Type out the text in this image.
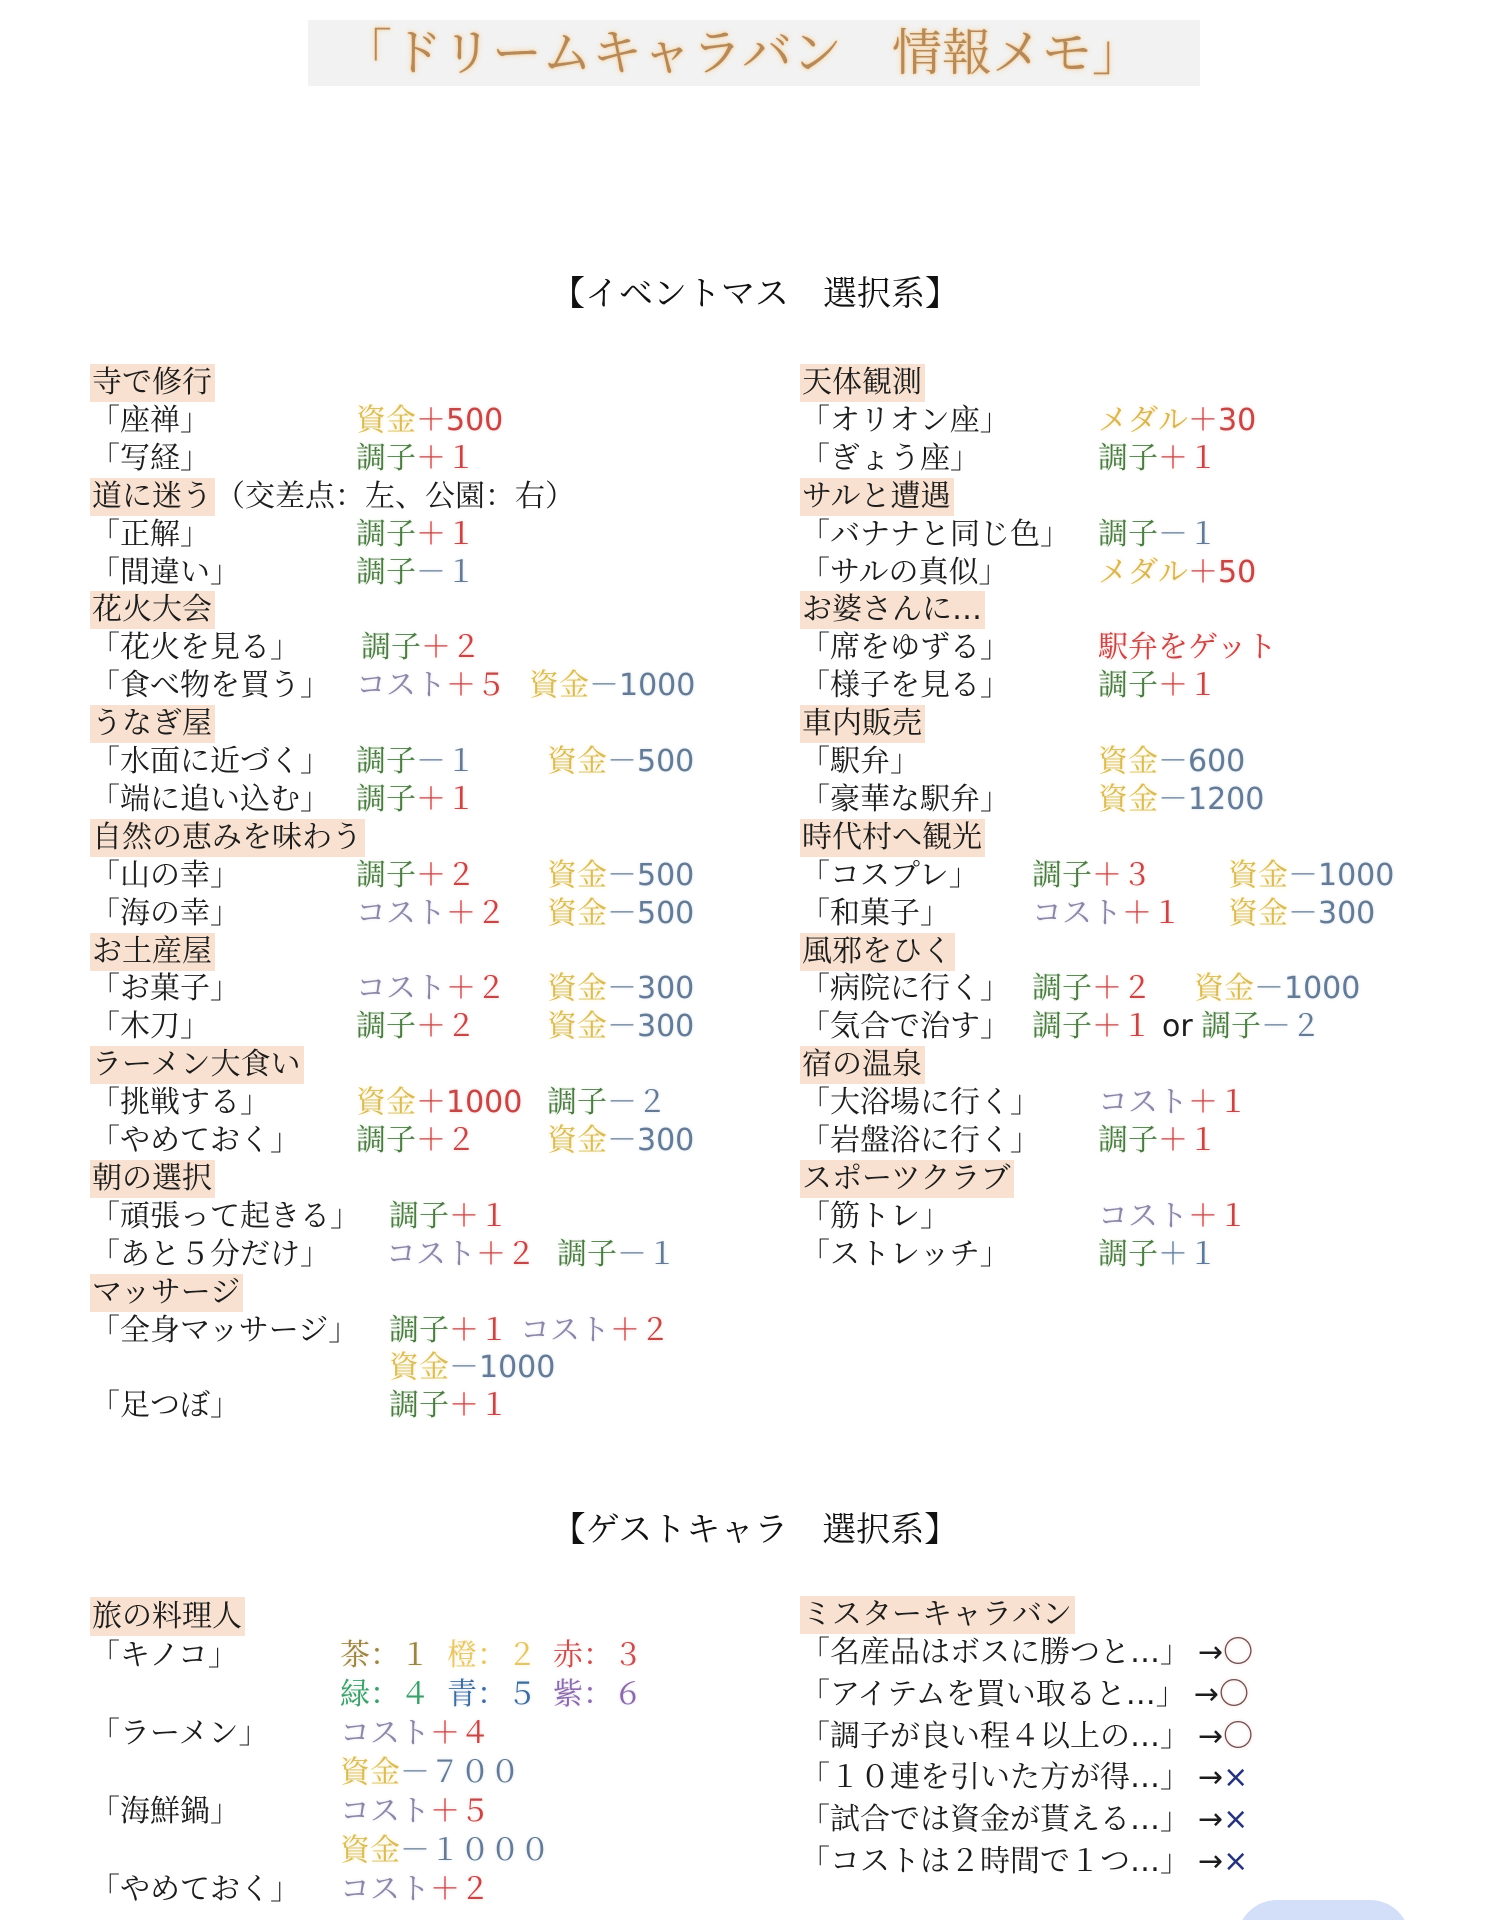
「ドリームキャラバン　情報メモ」
【イベントマス　選択系】
寺で修行
「座禅」	資金＋500
「写経」	調子＋１
道に迷う （交差点：左、公園：右）
「正解」	調子＋１
「間違い」	調子－１
花火大会
「花火を見る」 調子＋２
「食べ物を買う」 コスト＋５ 資金－1000
うなぎ屋
「水面に近づく」 調子－１ 資金－500
「端に追い込む」 調子＋１
自然の恵みを味わう
「山の幸」	調子＋２ 資金－500
「海の幸」	コスト＋２ 資金－500
お土産屋
「お菓子」	コスト＋２ 資金－300
「木刀」	調子＋２ 資金－300
ラーメン大食い
「挑戦する」	資金＋1000 調子－２
「やめておく」 調子＋２ 資金－300
朝の選択
「頑張って起きる」 調子＋１
「あと５分だけ」 コスト＋２ 調子－１
マッサージ
「全身マッサージ」 調子＋１ コスト＋２
資金－1000
「足つぼ」	調子＋１
天体観測
「オリオン座」	メダル＋30
「ぎょう座」	調子＋１
サルと遭遇
「バナナと同じ色」 調子－１
「サルの真似」	メダル＋50
お婆さんに…
「席をゆずる」	駅弁をゲット
「様子を見る」	調子＋１
車内販売
「駅弁」	資金－600
「豪華な駅弁」	資金－1200
時代村へ観光
「コスプレ」 調子＋３	資金－1000
「和菓子」	コスト＋１ 資金－300
風邪をひく
「病院に行く」 調子＋２ 資金－1000
「気合で治す」 調子＋１ or 調子－２
宿の温泉
「大浴場に行く」 コスト＋１
「岩盤浴に行く」 調子＋１
スポーツクラブ
「筋トレ」	コスト＋１
「ストレッチ」	調子＋１
【ゲストキャラ　選択系】
旅の料理人
「キノコ」	茶：１ 橙：２ 赤：３
緑：４ 青：５ 紫：６
「ラーメン」 コスト＋４
資金－７００
「海鮮鍋」	コスト＋５
資金－１０００
「やめておく」 コスト＋２
ミスターキャラバン
「名産品はボスに勝つと…」 →〇
「アイテムを買い取ると…」 →〇
「調子が良い程４以上の…」 →〇
「１０連を引いた方が得…」 →×
「試合では資金が貰える…」 →×
「コストは２時間で１つ…」 →×
